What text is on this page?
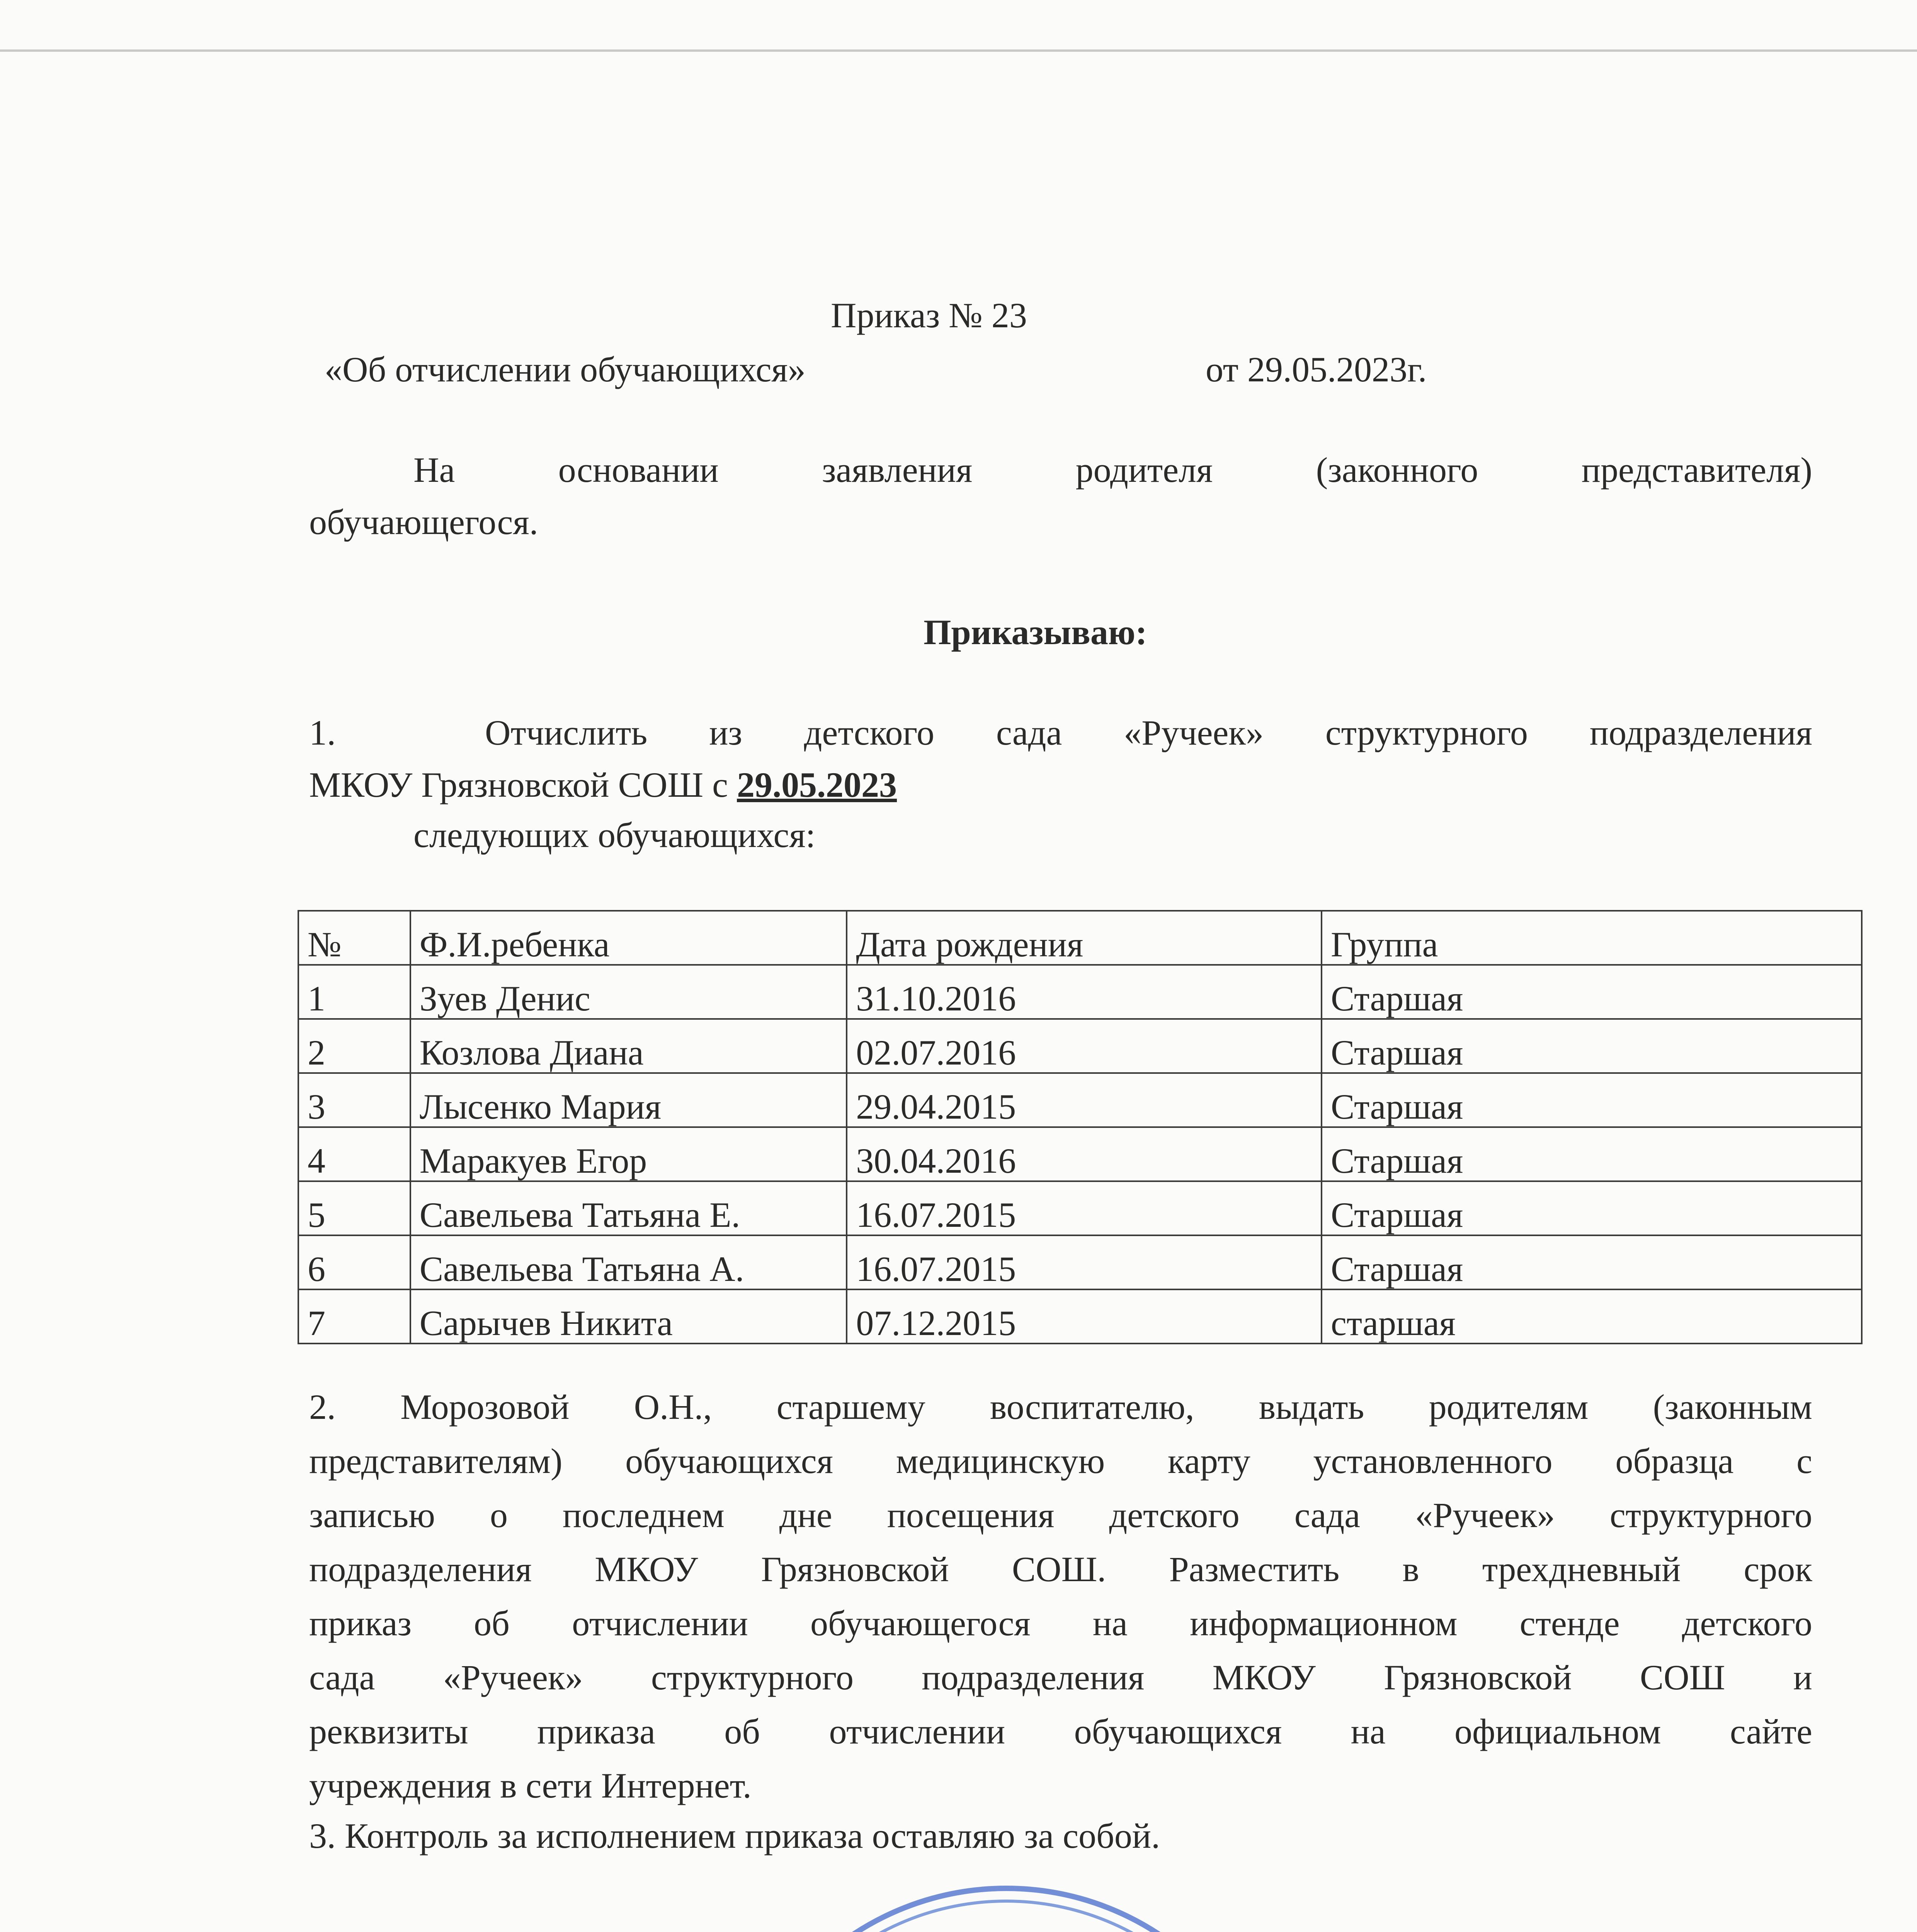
Приказ № 23
«Об отчислении обучающихся»	от 29.05.2023г.
На основании заявления родителя (законного представителя)
обучающегося.
Приказываю:
1.	Отчислить из детского сада «Ручеек» структурного подразделения
МКОУ Грязновской СОШ с 29.05.2023
следующих обучающихся:
№	Ф.И.ребенка	Дата рождения	Группа
1	Зуев Денис	31.10.2016	Старшая
2	Козлова Диана	02.07.2016	Старшая
3	Лысенко Мария	29.04.2015	Старшая
4	Маракуев Егор	30.04.2016	Старшая
5	Савельева Татьяна Е.	16.07.2015	Старшая
6	Савельева Татьяна А.	16.07.2015	Старшая
7	Сарычев Никита	07.12.2015	старшая
2. Морозовой О.Н., старшему воспитателю, выдать родителям (законным
представителям) обучающихся медицинскую карту установленного образца с
записью о последнем дне посещения детского сада «Ручеек» структурного
подразделения МКОУ Грязновской СОШ. Разместить в трехдневный срок
приказ об отчислении обучающегося на информационном стенде детского
сада «Ручеек» структурного подразделения МКОУ Грязновской СОШ и
реквизиты приказа об отчислении обучающихся на официальном сайте
учреждения в сети Интернет.
3. Контроль за исполнением приказа оставляю за собой.
